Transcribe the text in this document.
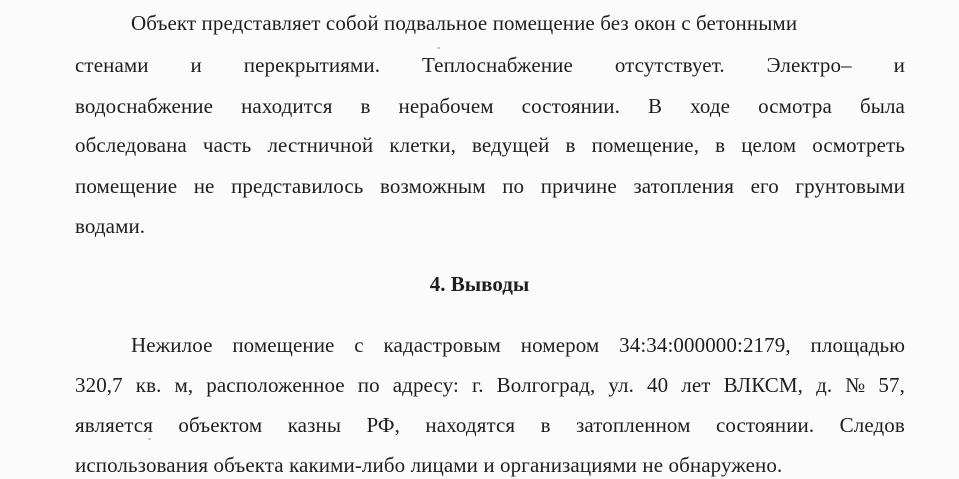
Объект представляет собой подвальное помещение без окон с бетонными
стенами и перекрытиями. Теплоснабжение отсутствует. Электро– и
водоснабжение находится в нерабочем состоянии. В ходе осмотра была
обследована часть лестничной клетки, ведущей в помещение, в целом осмотреть
помещение не представилось возможным по причине затопления его грунтовыми
водами.
4. Выводы
Нежилое помещение с кадастровым номером 34:34:000000:2179, площадью
320,7 кв. м, расположенное по адресу: г. Волгоград, ул. 40 лет ВЛКСМ, д. № 57,
является объектом казны РФ, находятся в затопленном состоянии. Следов
использования объекта какими-либо лицами и организациями не обнаружено.
